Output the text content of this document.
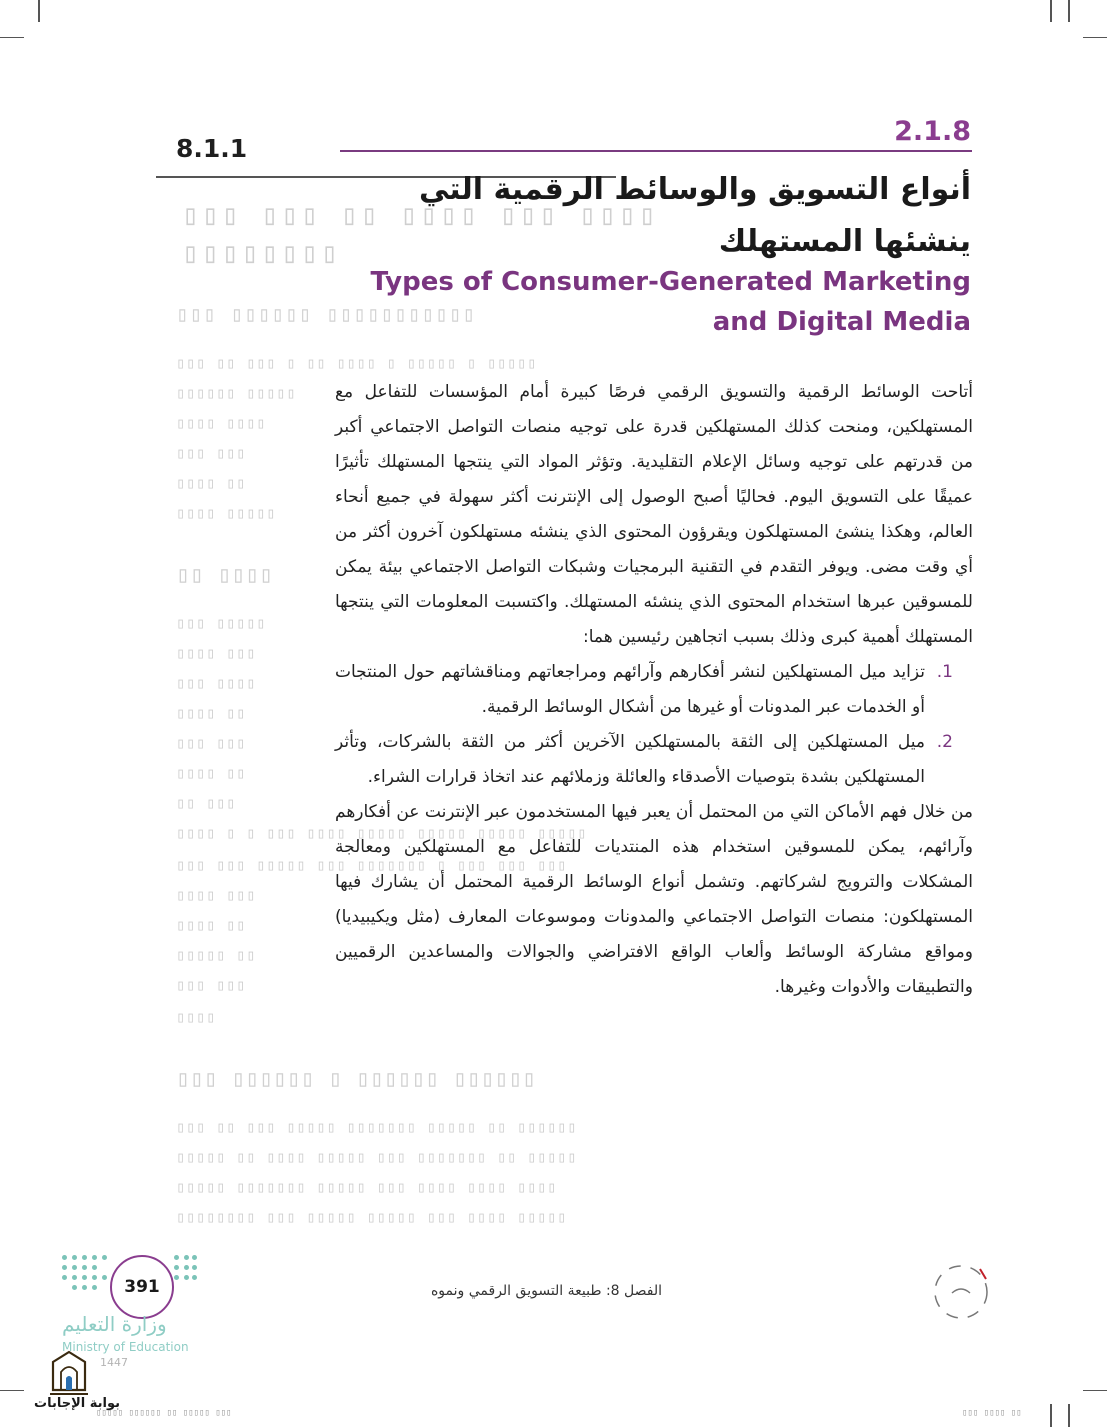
▯▯▯ ▯▯▯ ▯▯ ▯▯▯▯ ▯▯▯ ▯▯▯▯
▯▯▯▯▯▯▯▯
▯▯▯ ▯▯▯▯▯▯ ▯▯▯▯▯▯▯▯▯▯▯
▯▯▯ ▯▯ ▯▯▯ ▯ ▯▯ ▯▯▯▯ ▯ ▯▯▯▯▯ ▯ ▯▯▯▯▯
▯▯▯▯▯▯ ▯▯▯▯▯
▯▯▯▯ ▯▯▯▯
▯▯▯ ▯▯▯
▯▯▯▯ ▯▯
▯▯▯▯ ▯▯▯▯▯
▯▯ ▯▯▯▯
▯▯▯ ▯▯▯▯▯
▯▯▯▯ ▯▯▯
▯▯▯ ▯▯▯▯
▯▯▯▯ ▯▯
▯▯▯ ▯▯▯
▯▯▯▯ ▯▯
▯▯ ▯▯▯
▯▯▯▯ ▯ ▯ ▯▯▯ ▯▯▯▯ ▯▯▯▯▯ ▯▯▯▯▯ ▯▯▯▯▯ ▯▯▯▯▯
▯▯▯ ▯▯▯ ▯▯▯▯▯ ▯▯▯ ▯▯▯▯▯▯▯ ▯ ▯▯▯ ▯▯▯ ▯▯▯
▯▯▯▯ ▯▯▯
▯▯▯▯ ▯▯
▯▯▯▯▯ ▯▯
▯▯▯ ▯▯▯
▯▯▯▯
▯▯▯ ▯▯▯▯▯▯ ▯ ▯▯▯▯▯▯ ▯▯▯▯▯▯
▯▯▯ ▯▯ ▯▯▯ ▯▯▯▯▯ ▯▯▯▯▯▯▯ ▯▯▯▯▯ ▯▯ ▯▯▯▯▯▯
▯▯▯▯▯ ▯▯ ▯▯▯▯ ▯▯▯▯▯ ▯▯▯ ▯▯▯▯▯▯▯ ▯▯ ▯▯▯▯▯
▯▯▯▯▯ ▯▯▯▯▯▯▯ ▯▯▯▯▯ ▯▯▯ ▯▯▯▯ ▯▯▯▯ ▯▯▯▯
▯▯▯▯▯▯▯▯ ▯▯▯ ▯▯▯▯▯ ▯▯▯▯▯ ▯▯▯ ▯▯▯▯ ▯▯▯▯▯
8.1.1
2.1.8
أنواع التسويق والوسائط الرقمية التي ينشئها المستهلك
Types of Consumer-Generated Marketing and Digital Media

أتاحت الوسائط الرقمية والتسويق الرقمي فرصًا كبيرة أمام المؤسسات للتفاعل مع المستهلكين، ومنحت كذلك المستهلكين قدرة على توجيه منصات التواصل الاجتماعي أكبر من قدرتهم على توجيه وسائل الإعلام التقليدية. وتؤثر المواد التي ينتجها المستهلك تأثيرًا عميقًا على التسويق اليوم. فحاليًا أصبح الوصول إلى الإنترنت أكثر سهولة في جميع أنحاء العالم، وهكذا ينشئ المستهلكون ويقرؤون المحتوى الذي ينشئه مستهلكون آخرون أكثر من أي وقت مضى. ويوفر التقدم في التقنية البرمجيات وشبكات التواصل الاجتماعي بيئة يمكن للمسوقين عبرها استخدام المحتوى الذي ينشئه المستهلك. واكتسبت المعلومات التي ينتجها المستهلك أهمية كبرى وذلك بسبب اتجاهين رئيسين هما:

1.
تزايد ميل المستهلكين لنشر أفكارهم وآرائهم ومراجعاتهم ومناقشاتهم حول المنتجات أو الخدمات عبر المدونات أو غيرها من أشكال الوسائط الرقمية.
2.
ميل المستهلكين إلى الثقة بالمستهلكين الآخرين أكثر من الثقة بالشركات، وتأثر المستهلكين بشدة بتوصيات الأصدقاء والعائلة وزملائهم عند اتخاذ قرارات الشراء.

من خلال فهم الأماكن التي من المحتمل أن يعبر فيها المستخدمون عبر الإنترنت عن أفكارهم وآرائهم، يمكن للمسوقين استخدام هذه المنتديات للتفاعل مع المستهلكين ومعالجة المشكلات والترويج لشركاتهم. وتشمل أنواع الوسائط الرقمية المحتمل أن يشارك فيها المستهلكون: منصات التواصل الاجتماعي والمدونات وموسوعات المعارف (مثل ويكيبيديا) ومواقع مشاركة الوسائط وألعاب الواقع الافتراضي والجوالات والمساعدين الرقميين والتطبيقات والأدوات وغيرها.

391	الفصل 8: طبيعة التسويق الرقمي ونموه
وزارة التعليم
Ministry of Education
1447
بوابة الإجابات
▯▯▯▯▯ ▯▯▯▯▯▯ ▯▯ ▯▯▯▯▯ ▯▯▯	▯▯▯ ▯▯▯▯ ▯▯
